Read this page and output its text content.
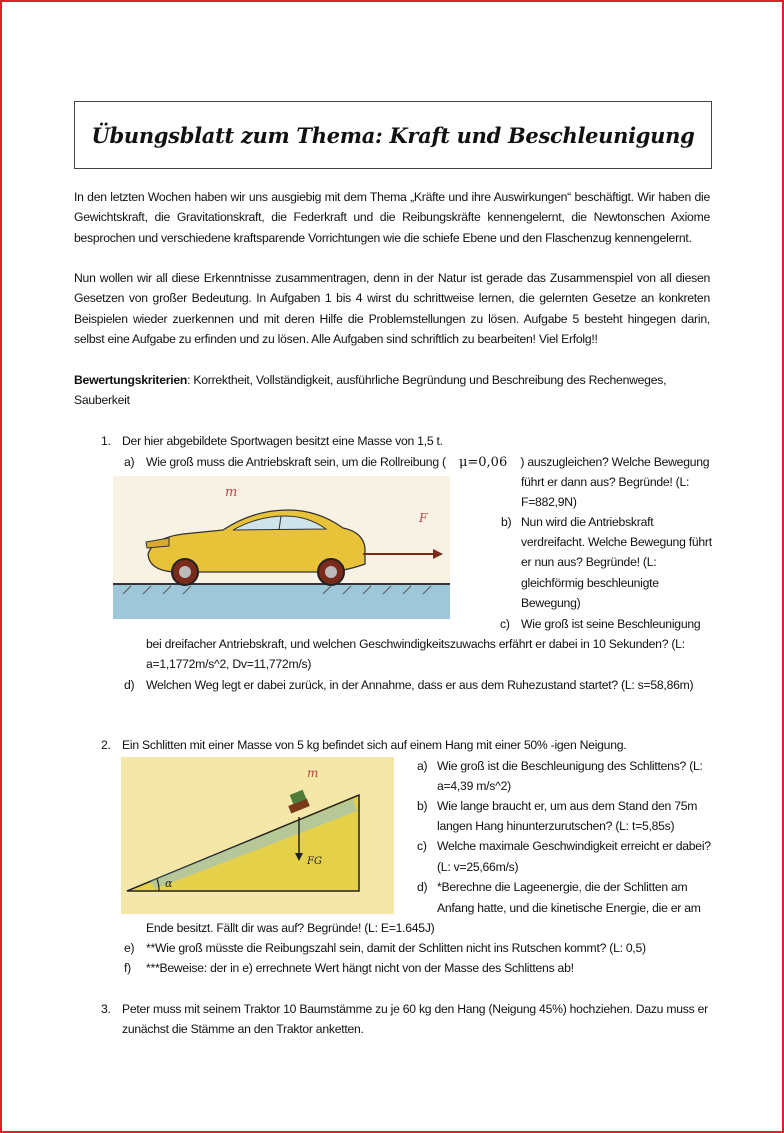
Übungsblatt zum Thema: Kraft und Beschleunigung
In den letzten Wochen haben wir uns ausgiebig mit dem Thema „Kräfte und ihre Auswirkungen“ beschäftigt. Wir haben die Gewichtskraft, die Gravitationskraft, die Federkraft und die Reibungskräfte kennengelernt, die Newtonschen Axiome besprochen und verschiedene kraftsparende Vorrichtungen wie die schiefe Ebene und den Flaschenzug kennengelernt.
Nun wollen wir all diese Erkenntnisse zusammentragen, denn in der Natur ist gerade das Zusammenspiel von all diesen Gesetzen von großer Bedeutung. In Aufgaben 1 bis 4 wirst du schrittweise lernen, die gelernten Gesetze an konkreten Beispielen wieder zuerkennen und mit deren Hilfe die Problemstellungen zu lösen. Aufgabe 5 besteht hingegen darin, selbst eine Aufgabe zu erfinden und zu lösen. Alle Aufgaben sind schriftlich zu bearbeiten! Viel Erfolg!!
Bewertungskriterien: Korrektheit, Vollständigkeit, ausführliche Begründung und Beschreibung des Rechenweges, Sauberkeit
1. Der hier abgebildete Sportwagen besitzt eine Masse von 1,5 t.
a) Wie groß muss die Antriebskraft sein, um die Rollreibung ( μ=0,06 ) auszugleichen? Welche Bewegung
führt er dann aus? Begründe! (L:
F=882,9N)
b) Nun wird die Antriebskraft
verdreifacht. Welche Bewegung führt
er nun aus? Begründe! (L:
gleichförmig beschleunigte
Bewegung)
c) Wie groß ist seine Beschleunigung
bei dreifacher Antriebskraft, und welchen Geschwindigkeitszuwachs erfährt er dabei in 10 Sekunden? (L:
a=1,1772m/s^2, Dv=11,772m/s)
d) Welchen Weg legt er dabei zurück, in der Annahme, dass er aus dem Ruhezustand startet? (L: s=58,86m)
m
F
2. Ein Schlitten mit einer Masse von 5 kg befindet sich auf einem Hang mit einer 50% -igen Neigung.
a) Wie groß ist die Beschleunigung des Schlittens? (L:
a=4,39 m/s^2)
b) Wie lange braucht er, um aus dem Stand den 75m
langen Hang hinunterzurutschen? (L: t=5,85s)
c) Welche maximale Geschwindigkeit erreicht er dabei?
(L: v=25,66m/s)
d) *Berechne die Lageenergie, die der Schlitten am
Anfang hatte, und die kinetische Energie, die er am
Ende besitzt. Fällt dir was auf? Begründe! (L: E=1.645J)
e) **Wie groß müsste die Reibungszahl sein, damit der Schlitten nicht ins Rutschen kommt? (L: 0,5)
f) ***Beweise: der in e) errechnete Wert hängt nicht von der Masse des Schlittens ab!
m
FG
α
3. Peter muss mit seinem Traktor 10 Baumstämme zu je 60 kg den Hang (Neigung 45%) hochziehen. Dazu muss er
zunächst die Stämme an den Traktor anketten.
